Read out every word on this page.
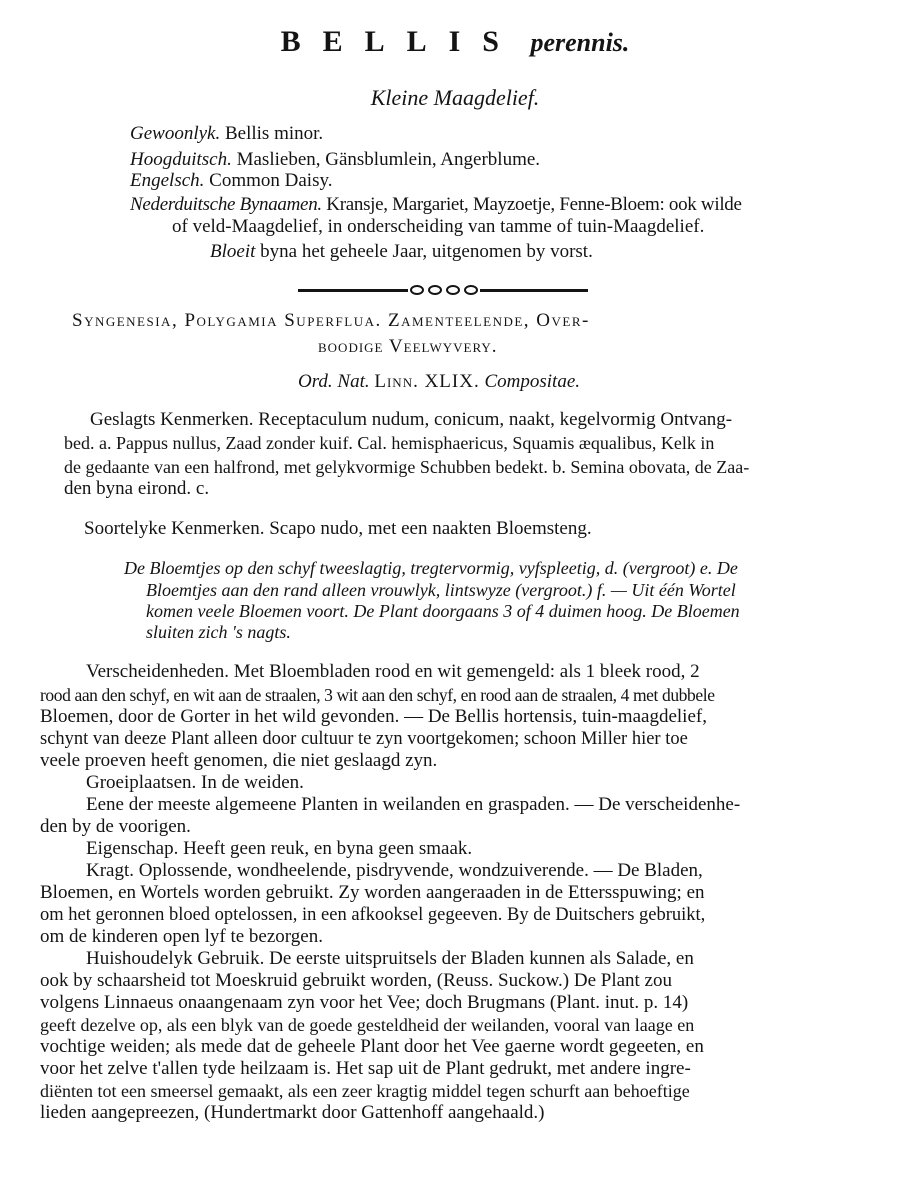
BELLIS perennis.
Kleine Maagdelief.
Gewoonlyk. Bellis minor.
Hoogduitsch. Maslieben, Gänsblumlein, Angerblume.
Engelsch. Common Daisy.
Nederduitsche Bynaamen. Kransje, Margariet, Mayzoetje, Fenne-Bloem: ook wilde
of veld-Maagdelief, in onderscheiding van tamme of tuin-Maagdelief.
Bloeit byna het geheele Jaar, uitgenomen by vorst.
Syngenesia, Polygamia Superflua. Zamenteelende, Over-
boodige Veelwyvery.
Ord. Nat. Linn. XLIX. Compositae.
Geslagts Kenmerken. Receptaculum nudum, conicum, naakt, kegelvormig Ontvang-
bed. a. Pappus nullus, Zaad zonder kuif. Cal. hemisphaericus, Squamis æqualibus, Kelk in
de gedaante van een halfrond, met gelykvormige Schubben bedekt. b. Semina obovata, de Zaa-
den byna eirond. c.
Soortelyke Kenmerken. Scapo nudo, met een naakten Bloemsteng.
De Bloemtjes op den schyf tweeslagtig, tregtervormig, vyfspleetig, d. (vergroot) e. De
Bloemtjes aan den rand alleen vrouwlyk, lintswyze (vergroot.) f. — Uit één Wortel
komen veele Bloemen voort. De Plant doorgaans 3 of 4 duimen hoog. De Bloemen
sluiten zich 's nagts.
Verscheidenheden. Met Bloembladen rood en wit gemengeld: als 1 bleek rood, 2
rood aan den schyf, en wit aan de straalen, 3 wit aan den schyf, en rood aan de straalen, 4 met dubbele
Bloemen, door de Gorter in het wild gevonden. — De Bellis hortensis, tuin-maagdelief,
schynt van deeze Plant alleen door cultuur te zyn voortgekomen; schoon Miller hier toe
veele proeven heeft genomen, die niet geslaagd zyn.
Groeiplaatsen. In de weiden.
Eene der meeste algemeene Planten in weilanden en graspaden. — De verscheidenhe-
den by de voorigen.
Eigenschap. Heeft geen reuk, en byna geen smaak.
Kragt. Oplossende, wondheelende, pisdryvende, wondzuiverende. — De Bladen,
Bloemen, en Wortels worden gebruikt. Zy worden aangeraaden in de Ettersspuwing; en
om het geronnen bloed optelossen, in een afkooksel gegeeven. By de Duitschers gebruikt,
om de kinderen open lyf te bezorgen.
Huishoudelyk Gebruik. De eerste uitspruitsels der Bladen kunnen als Salade, en
ook by schaarsheid tot Moeskruid gebruikt worden, (Reuss. Suckow.) De Plant zou
volgens Linnaeus onaangenaam zyn voor het Vee; doch Brugmans (Plant. inut. p. 14)
geeft dezelve op, als een blyk van de goede gesteldheid der weilanden, vooral van laage en
vochtige weiden; als mede dat de geheele Plant door het Vee gaerne wordt gegeeten, en
voor het zelve t'allen tyde heilzaam is. Het sap uit de Plant gedrukt, met andere ingre-
diënten tot een smeersel gemaakt, als een zeer kragtig middel tegen schurft aan behoeftige
lieden aangepreezen, (Hundertmarkt door Gattenhoff aangehaald.)
